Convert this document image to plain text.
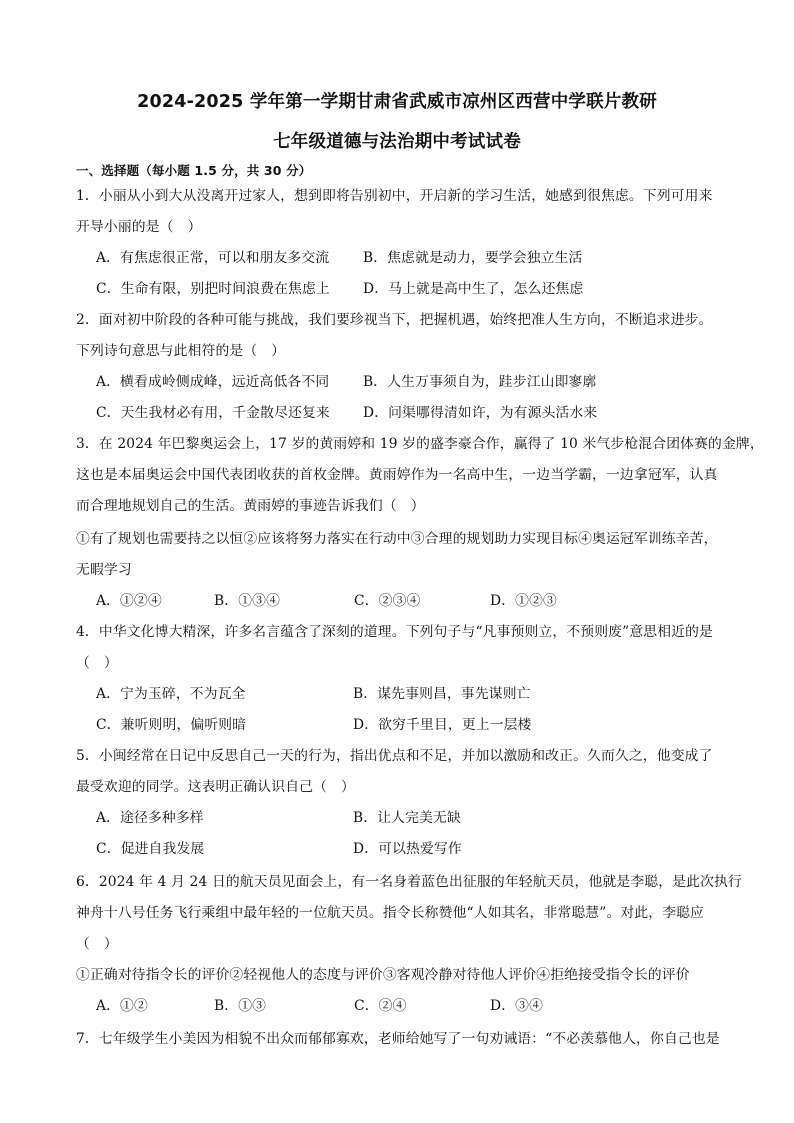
2024-2025 学年第一学期甘肃省武威市凉州区西营中学联片教研
七年级道德与法治期中考试试卷
一、选择题（每小题 1.5 分，共 30 分）
1．小丽从小到大从没离开过家人，想到即将告别初中，开启新的学习生活，她感到很焦虑。下列可用来
开导小丽的是（　）
A．有焦虑很正常，可以和朋友多交流 B．焦虑就是动力，要学会独立生活
C．生命有限，别把时间浪费在焦虑上 D．马上就是高中生了，怎么还焦虑
2．面对初中阶段的各种可能与挑战，我们要珍视当下，把握机遇，始终把准人生方向，不断追求进步。
下列诗句意思与此相符的是（　）
A．横看成岭侧成峰，远近高低各不同 B．人生万事须自为，跬步江山即寥廓
C．天生我材必有用，千金散尽还复来 D．问渠哪得清如许，为有源头活水来
3．在 2024 年巴黎奥运会上，17 岁的黄雨婷和 19 岁的盛李豪合作，赢得了 10 米气步枪混合团体赛的金牌，
这也是本届奥运会中国代表团收获的首枚金牌。黄雨婷作为一名高中生，一边当学霸，一边拿冠军，认真
而合理地规划自己的生活。黄雨婷的事迹告诉我们（　）
①有了规划也需要持之以恒②应该将努力落实在行动中③合理的规划助力实现目标④奥运冠军训练辛苦，
无暇学习
A．①②④	B．①③④	C．②③④	D．①②③
4．中华文化博大精深，许多名言蕴含了深刻的道理。下列句子与“凡事预则立，不预则废”意思相近的是
（　）
A．宁为玉碎，不为瓦全	B．谋先事则昌，事先谋则亡
C．兼听则明，偏听则暗	D．欲穷千里目，更上一层楼
5．小闽经常在日记中反思自己一天的行为，指出优点和不足，并加以激励和改正。久而久之，他变成了
最受欢迎的同学。这表明正确认识自己（　）
A．途径多种多样	B．让人完美无缺
C．促进自我发展	D．可以热爱写作
6．2024 年 4 月 24 日的航天员见面会上，有一名身着蓝色出征服的年轻航天员，他就是李聪，是此次执行
神舟十八号任务飞行乘组中最年轻的一位航天员。指令长称赞他“人如其名，非常聪慧”。对此，李聪应
（　）
①正确对待指令长的评价②轻视他人的态度与评价③客观冷静对待他人评价④拒绝接受指令长的评价
A．①②	B．①③	C．②④	D．③④
7．七年级学生小美因为相貌不出众而郁郁寡欢，老师给她写了一句劝诫语：“不必羡慕他人，你自己也是
